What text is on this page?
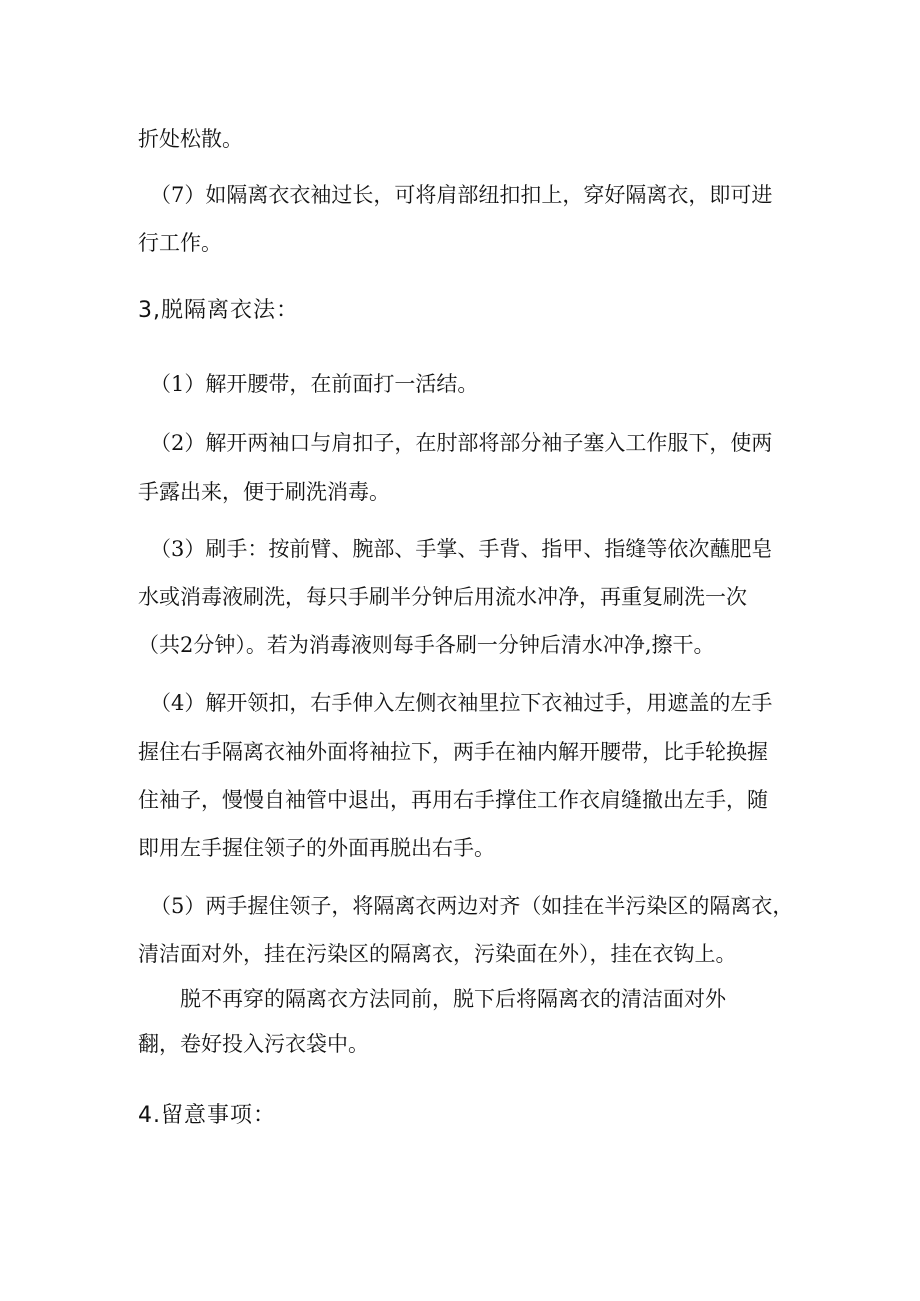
折处松散。
（7）如隔离衣衣袖过长，可将肩部纽扣扣上，穿好隔离衣，即可进
行工作。
3,脱隔离衣法：
（1）解开腰带，在前面打一活结。
（2）解开两袖口与肩扣子，在肘部将部分袖子塞入工作服下，使两
手露出来，便于刷洗消毒。
（3）刷手：按前臂、腕部、手掌、手背、指甲、指缝等依次蘸肥皂
水或消毒液刷洗，每只手刷半分钟后用流水冲净，再重复刷洗一次
（共2分钟）。若为消毒液则每手各刷一分钟后清水冲净,擦干。
（4）解开领扣，右手伸入左侧衣袖里拉下衣袖过手，用遮盖的左手
握住右手隔离衣袖外面将袖拉下，两手在袖内解开腰带，比手轮换握
住袖子，慢慢自袖管中退出，再用右手撑住工作衣肩缝撤出左手，随
即用左手握住领子的外面再脱出右手。
（5）两手握住领子，将隔离衣两边对齐（如挂在半污染区的隔离衣，
清洁面对外，挂在污染区的隔离衣，污染面在外），挂在衣钩上。
脱不再穿的隔离衣方法同前，脱下后将隔离衣的清洁面对外
翻，卷好投入污衣袋中。
4.留意事项：
